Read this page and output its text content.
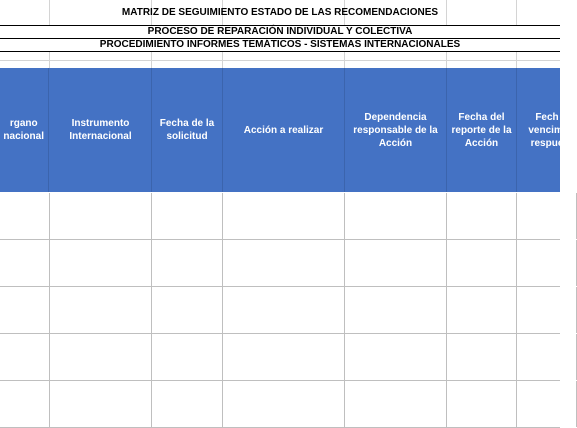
MATRIZ DE SEGUIMIENTO ESTADO DE LAS RECOMENDACIONES
PROCESO DE REPARACIÓN INDIVIDUAL Y COLECTIVA
PROCEDIMIENTO INFORMES TEMÁTICOS - SISTEMAS INTERNACIONALES
rgano
nacional
Instrumento
Internacional
Fecha de la
solicitud
Acción a realizar
Dependencia
responsable de la
Acción
Fecha del
reporte de la
Acción
Fech
vencimi
respue
